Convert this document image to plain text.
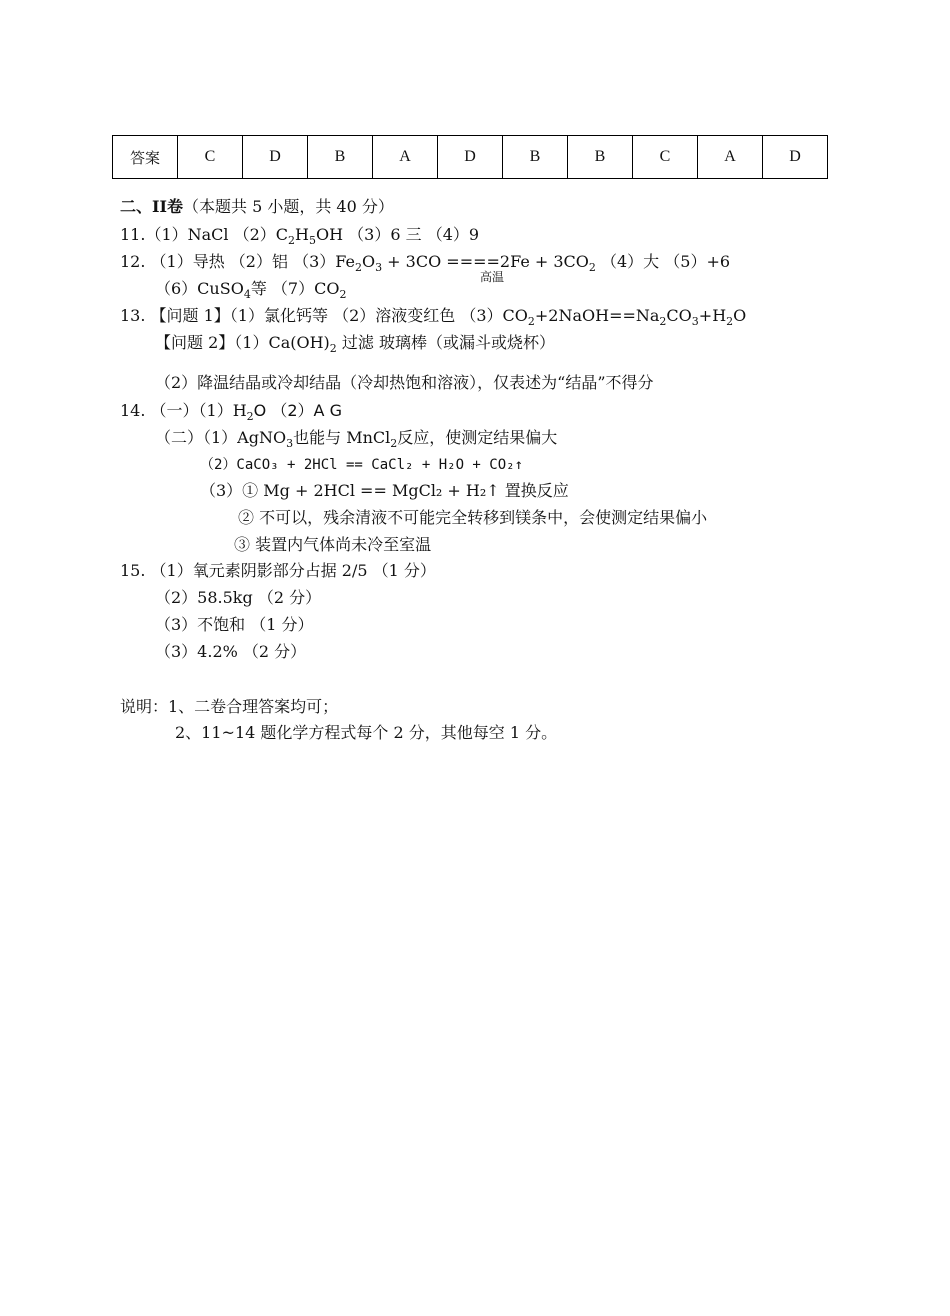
答案	C	D	B	A	D	B	B	C	A	D
二、II卷（本题共 5 小题，共 40 分）
11.（1）NaCl $(2)C_2H_5OH$ （3）6 三 （4）9
12. （1）导热 （2）铝 $(3)Fe_2O_3 + 3CO ====2Fe + 3CO_2$ （4）大 （5）+6
高温
（6）CuSO$_4$等 $(7)CO_2$
13. 【问题 1】（1）氯化钙等 （2）溶液变红色 $(3)CO_2+2NaOH==Na_2CO_3+H_2O$
【问题 2】$(1)Ca(OH)_2$ 过滤 玻璃棒（或漏斗或烧杯）
（2）降温结晶或冷却结晶（冷却热饱和溶液），仅表述为“结晶”不得分
14. （一）$(1)H_2O$ （2）A G
（二）（1）AgNO$_3$也能与 MnCl$_2$反应，使测定结果偏大
（2）CaCO₃ + 2HCl == CaCl₂ + H₂O + CO₂↑
（3）① Mg + 2HCl == MgCl₂ + H₂↑ 置换反应
② 不可以，残余清液不可能完全转移到镁条中，会使测定结果偏小
③ 装置内气体尚未冷至室温
15. （1）氧元素阴影部分占据 2/5 （1 分）
（2）58.5kg （2 分）
（3）不饱和 （1 分）
（3）4.2% （2 分）
说明：1、二卷合理答案均可；
2、11~14 题化学方程式每个 2 分，其他每空 1 分。
